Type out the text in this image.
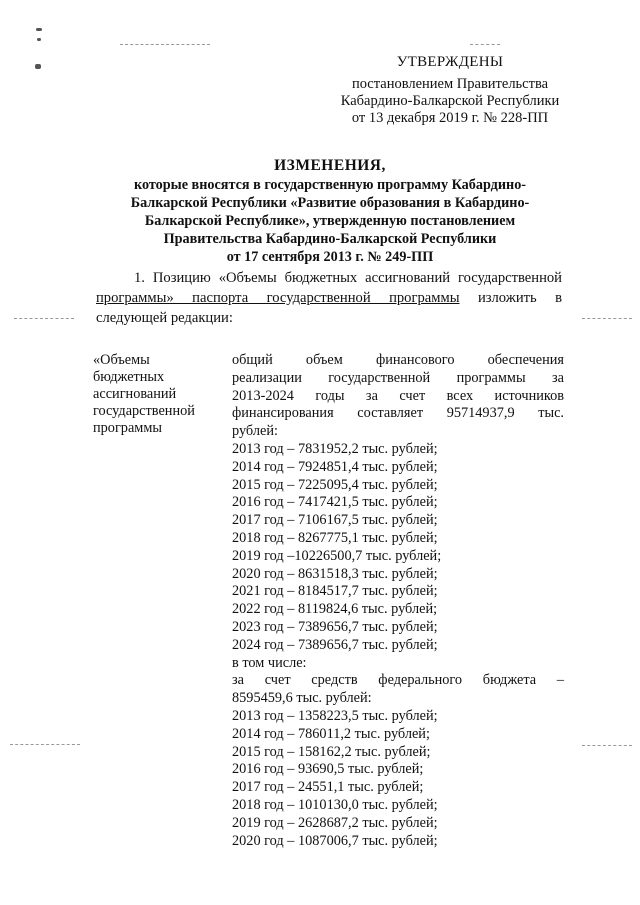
УТВЕРЖДЕНЫ
постановлением Правительства
Кабардино-Балкарской Республики
от 13 декабря 2019 г. № 228-ПП
ИЗМЕНЕНИЯ,
которые вносятся в государственную программу Кабардино-
Балкарской Республики «Развитие образования в Кабардино-
Балкарской Республике», утвержденную постановлением
Правительства Кабардино-Балкарской Республики
от 17 сентября 2013 г. № 249-ПП
1. Позицию «Объемы бюджетных ассигнований государственной программы» паспорта государственной программы изложить в следующей редакции:
«Объемы
бюджетных
ассигнований
государственной
программы
общий объем финансового обеспечения
реализации государственной программы за
2013-2024 годы за счет всех источников
финансирования составляет 95714937,9 тыс.
рублей:
2013 год – 7831952,2 тыс. рублей;
2014 год – 7924851,4 тыс. рублей;
2015 год – 7225095,4 тыс. рублей;
2016 год – 7417421,5 тыс. рублей;
2017 год – 7106167,5 тыс. рублей;
2018 год – 8267775,1 тыс. рублей;
2019 год –10226500,7 тыс. рублей;
2020 год – 8631518,3 тыс. рублей;
2021 год – 8184517,7 тыс. рублей;
2022 год – 8119824,6 тыс. рублей;
2023 год – 7389656,7 тыс. рублей;
2024 год – 7389656,7 тыс. рублей;
в том числе:
за счет средств федерального бюджета –
8595459,6 тыс. рублей:
2013 год – 1358223,5 тыс. рублей;
2014 год – 786011,2 тыс. рублей;
2015 год – 158162,2 тыс. рублей;
2016 год – 93690,5 тыс. рублей;
2017 год – 24551,1 тыс. рублей;
2018 год – 1010130,0 тыс. рублей;
2019 год – 2628687,2 тыс. рублей;
2020 год – 1087006,7 тыс. рублей;
